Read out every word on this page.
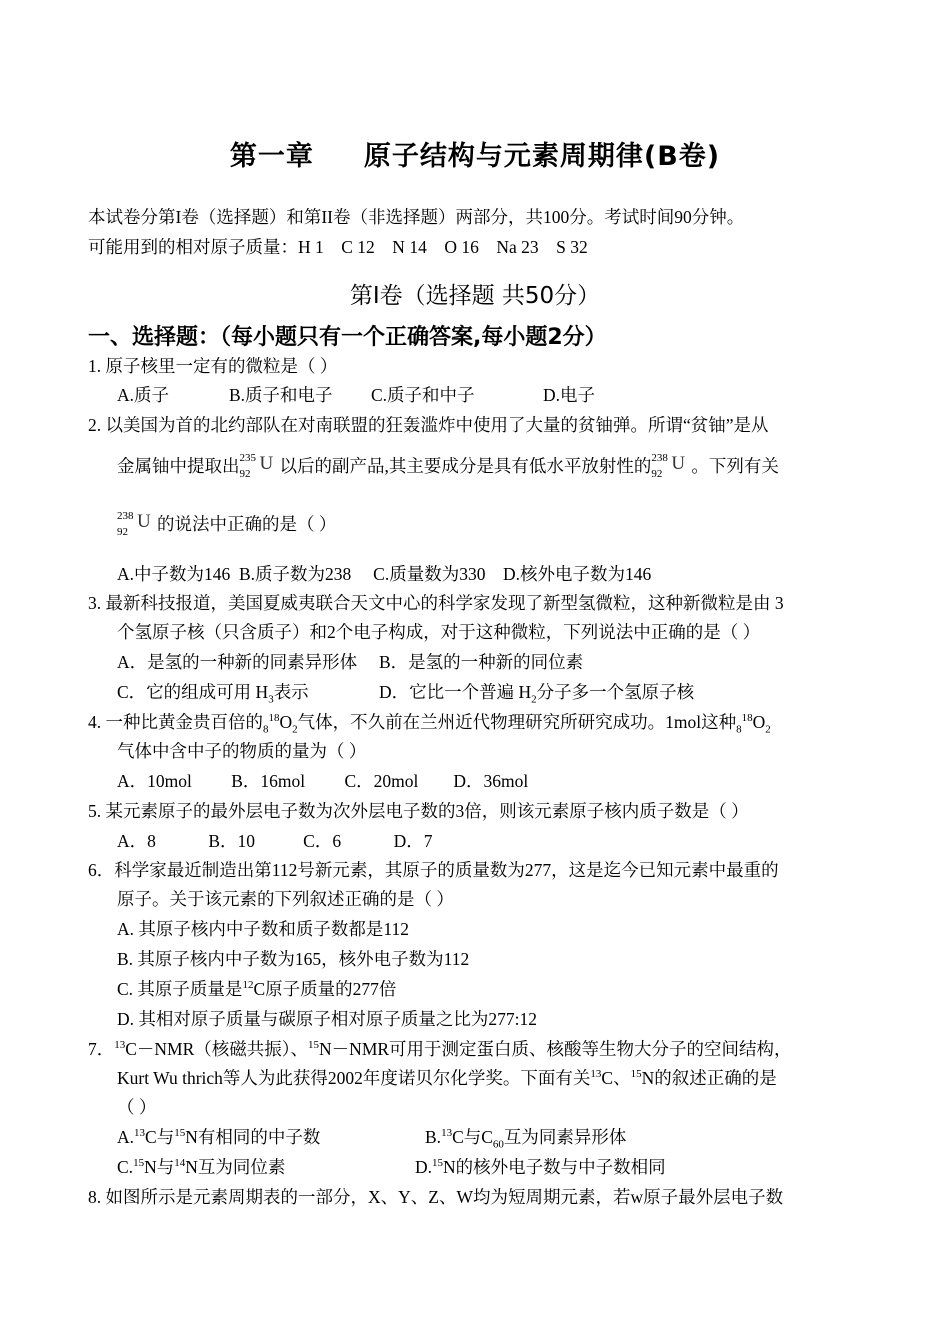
第一章 原子结构与元素周期律(B卷)
本试卷分第I卷（选择题）和第II卷（非选择题）两部分，共100分。考试时间90分钟。
可能用到的相对原子质量：H 1    C 12    N 14    O 16    Na 23    S 32
第I卷（选择题 共50分）
一、选择题：（每小题只有一个正确答案,每小题2分）
1. 原子核里一定有的微粒是（ ）
A.质子	B.质子和电子 C.质子和中子	D.电子
2. 以美国为首的北约部队在对南联盟的狂轰滥炸中使用了大量的贫铀弹。所谓“贫铀”是从
金属铀中提取出 235
92 U 以后的副产品,其主要成分是具有低水平放射性的 238
92 U 。下列有关
238
92 U 的说法中正确的是（ ）
A.中子数为146  B.质子数为238     C.质量数为330    D.核外电子数为146
3. 最新科技报道，美国夏威夷联合天文中心的科学家发现了新型氢微粒，这种新微粒是由 3
个氢原子核（只含质子）和2个电子构成，对于这种微粒，下列说法中正确的是（ ）
A．是氢的一种新的同素异形体     B．是氢的一种新的同位素
C．它的组成可用 $H_3$表示	D．它比一个普遍 $H_2$分子多一个氢原子核
4. 一种比黄金贵百倍的$_8^{18}O_2$气体，不久前在兰州近代物理研究所研究成功。1mol这种$_8^{18}O_2$
气体中含中子的物质的量为（ ）
A．10mol         B．16mol         C．20mol        D．36mol
5. 某元素原子的最外层电子数为次外层电子数的3倍，则该元素原子核内质子数是（ ）
A．8            B．10           C．6            D．7
6．科学家最近制造出第112号新元素，其原子的质量数为277，这是迄今已知元素中最重的
原子。关于该元素的下列叙述正确的是（ ）
A. 其原子核内中子数和质子数都是112
B. 其原子核内中子数为165，核外电子数为112
C. 其原子质量是$^{12}$C原子质量的277倍
D. 其相对原子质量与碳原子相对原子质量之比为277:12
7．$^{13}$C－NMR（核磁共振）、$^{15}$N－NMR可用于测定蛋白质、核酸等生物大分子的空间结构，
Kurt Wu thrich等人为此获得2002年度诺贝尔化学奖。下面有关$^{13}$C、$^{15}$N的叙述正确的是
（ ）
A.$^{13}$C与$^{15}$N有相同的中子数	B.$^{13}$C与$C_{60}$互为同素异形体
C.$^{15}$N与$^{14}$N互为同位素	D.$^{15}$N的核外电子数与中子数相同
8. 如图所示是元素周期表的一部分，X、Y、Z、W均为短周期元素，若w原子最外层电子数
